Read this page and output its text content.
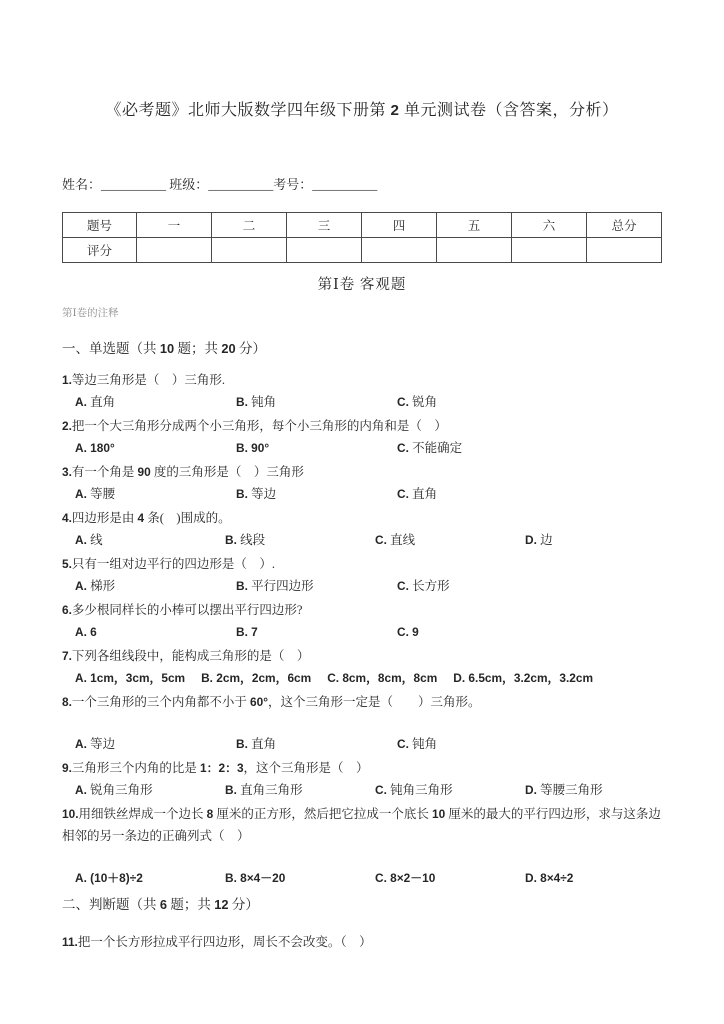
《必考题》北师大版数学四年级下册第 2 单元测试卷（含答案，分析）

姓名：__________ 班级：__________考号：__________

题号	一	二	三	四	五	六	总分
评分							
第Ⅰ卷 客观题

第Ⅰ卷的注释

一、单选题（共 10 题；共 20 分）

1.等边三角形是（　）三角形.

A. 直角	B. 钝角	C. 锐角

2.把一个大三角形分成两个小三角形，每个小三角形的内角和是（　）

A. 180°	B. 90°	C. 不能确定

3.有一个角是 90 度的三角形是（　）三角形

A. 等腰	B. 等边	C. 直角

4.四边形是由 4 条(　)围成的。

A. 线	B. 线段	C. 直线	D. 边

5.只有一组对边平行的四边形是（　）.

A. 梯形	B. 平行四边形	C. 长方形

6.多少根同样长的小棒可以摆出平行四边形?

A. 6	B. 7	C. 9

7.下列各组线段中，能构成三角形的是（　）

A. 1cm，3cm，5cm B. 2cm，2cm，6cm C. 8cm，8cm，8cm D. 6.5cm，3.2cm，3.2cm

8.一个三角形的三个内角都不小于 60°，这个三角形一定是（　　）三角形。

A. 等边	B. 直角	C. 钝角

9.三角形三个内角的比是 1：2：3，这个三角形是（　）

A. 锐角三角形	B. 直角三角形	C. 钝角三角形	D. 等腰三角形

10.用细铁丝焊成一个边长 8 厘米的正方形，然后把它拉成一个底长 10 厘米的最大的平行四边形，求与这条边相邻的另一条边的正确列式（　）

A. (10＋8)÷2	B. 8×4－20	C. 8×2－10	D. 8×4÷2
二、判断题（共 6 题；共 12 分）

11.把一个长方形拉成平行四边形，周长不会改变。（　）
